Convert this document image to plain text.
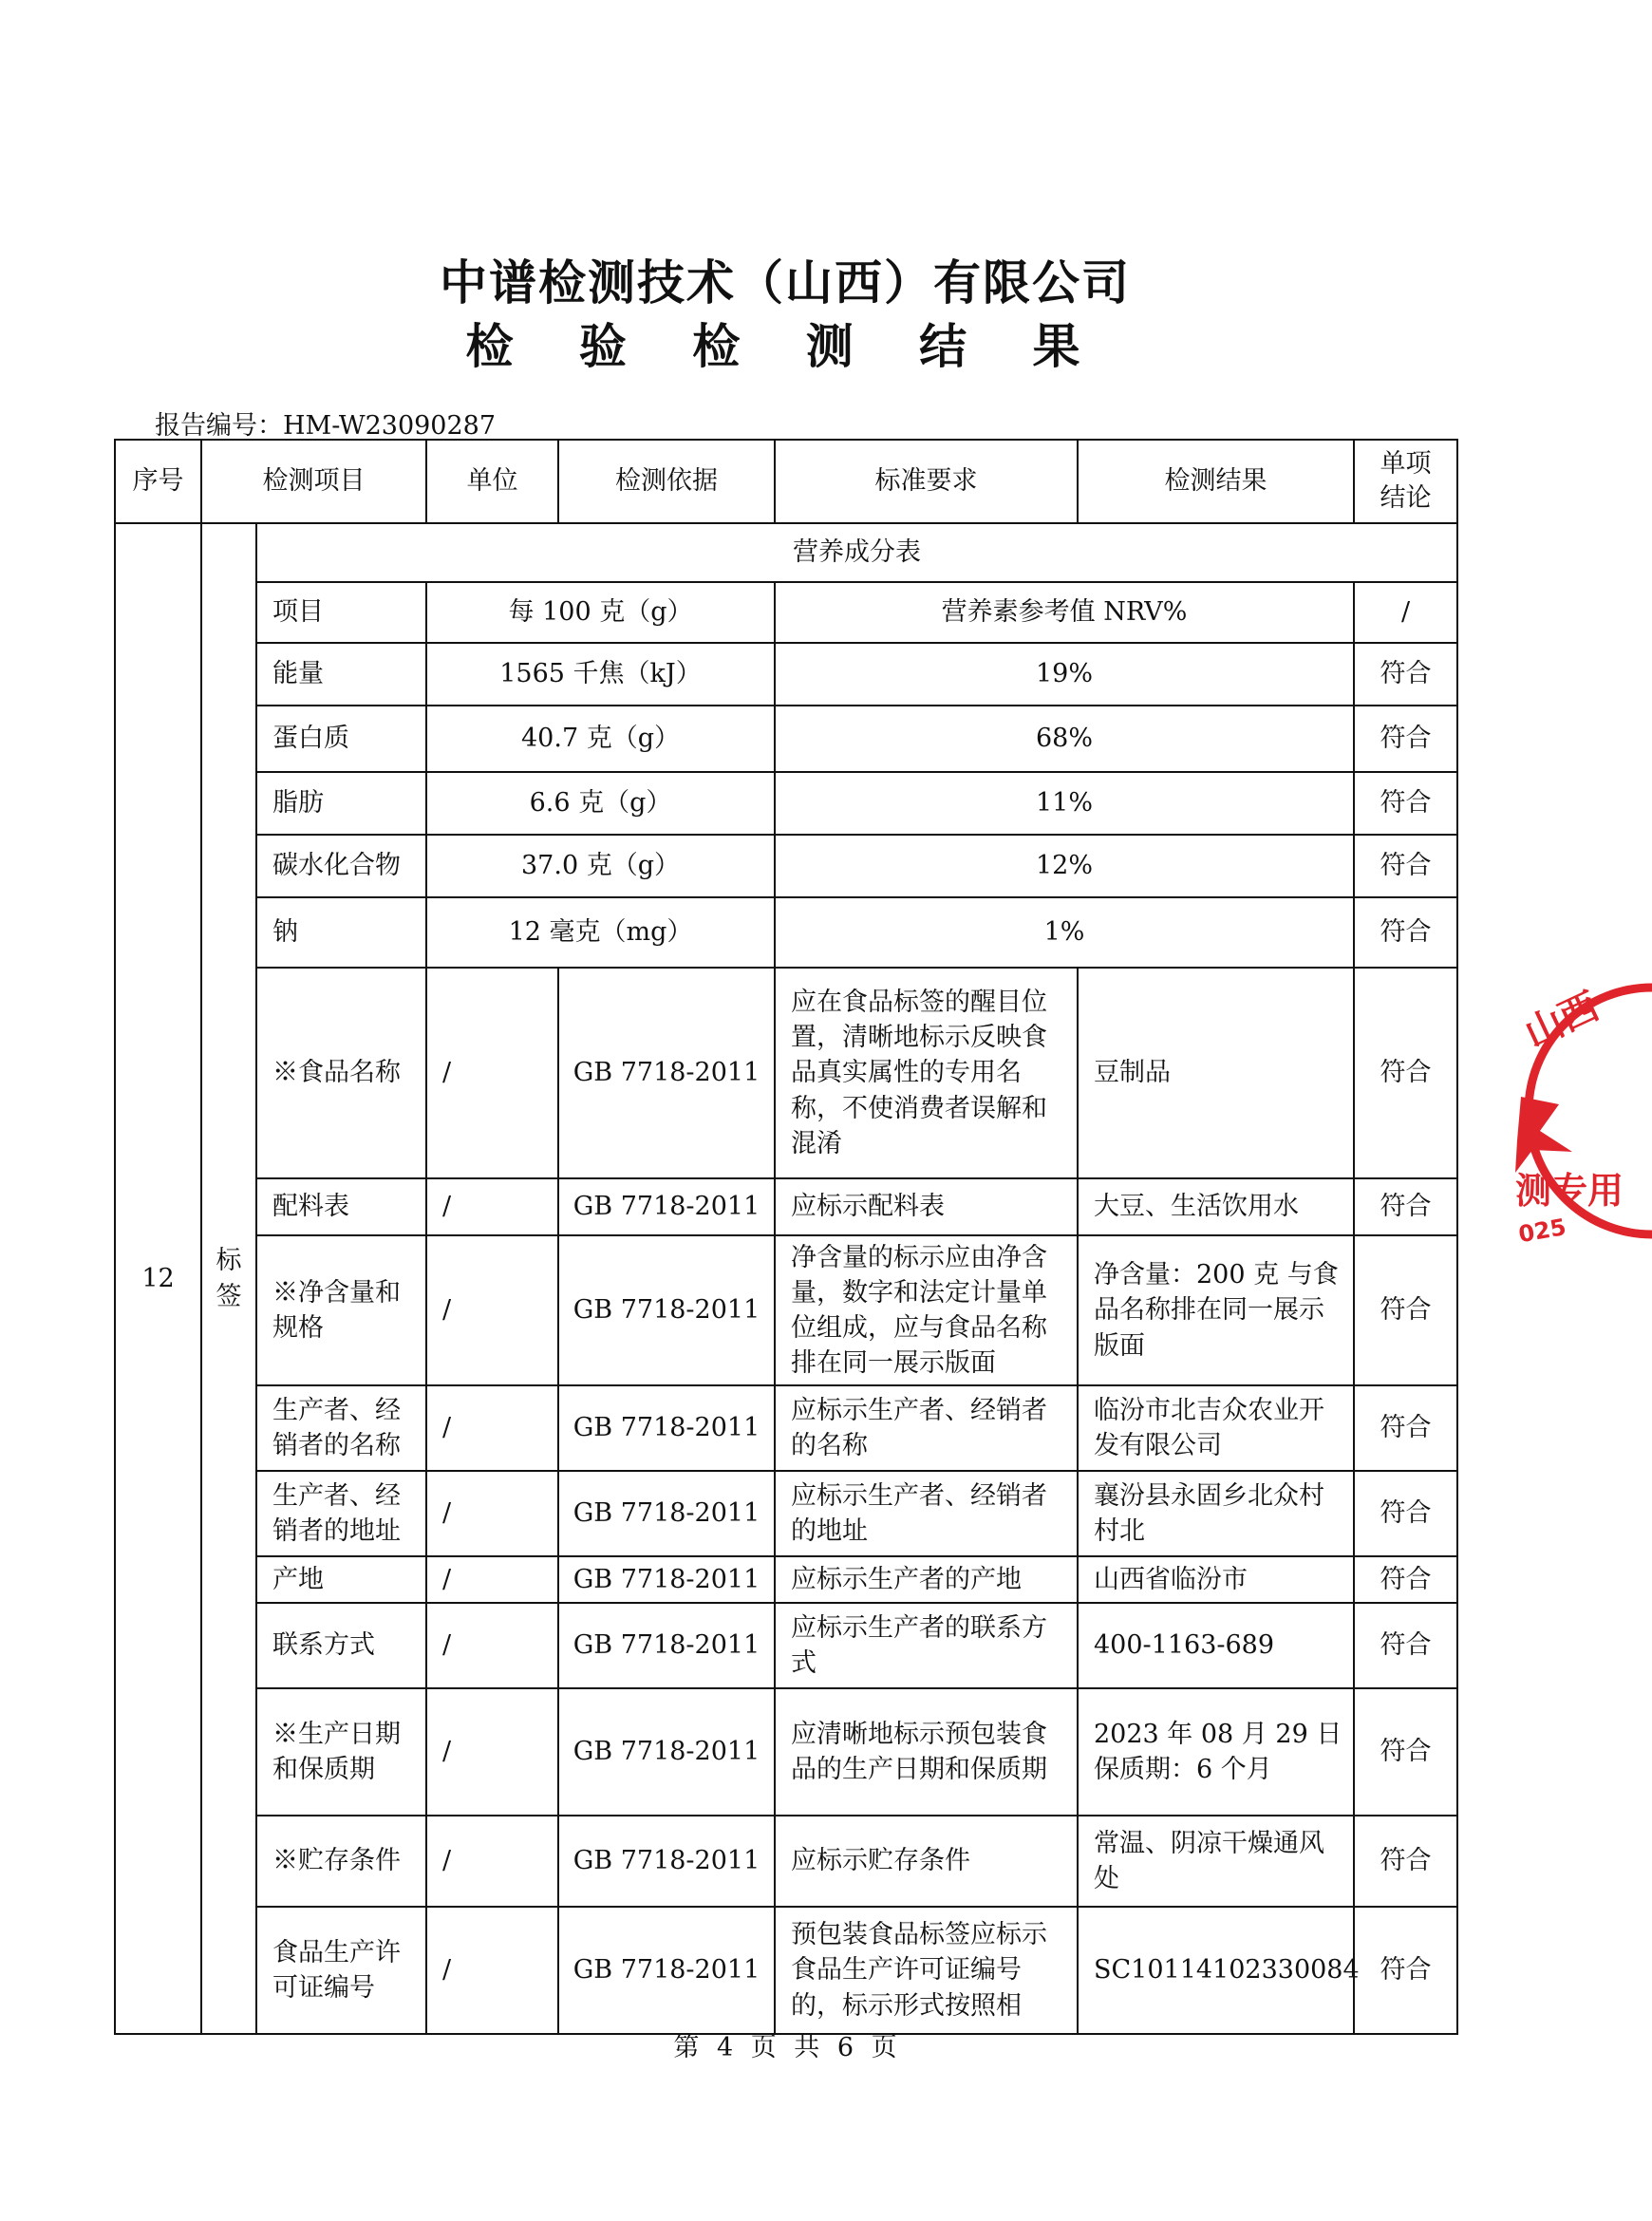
中谱检测技术（山西）有限公司
检 验 检 测 结 果
报告编号：HM-W23090287
序号	检测项目		单位	检测依据	标准要求	检测结果	单项结论

12	标签	营养成分表					
		项目	每 100 克（g）		营养素参考值 NRV%		/
		能量	1565 千焦（kJ）		19%		符合
		蛋白质	40.7 克（g）		68%		符合
		脂肪	6.6 克（g）		11%		符合
		碳水化合物	37.0 克（g）		12%		符合
		钠	12 毫克（mg）		1%		符合
		※食品名称	/	GB 7718-2011	应在食品标签的醒目位置，清晰地标示反映食品真实属性的专用名称，不使消费者误解和混淆	豆制品	符合
		配料表	/	GB 7718-2011	应标示配料表	大豆、生活饮用水	符合
		※净含量和规格	/	GB 7718-2011	净含量的标示应由净含量，数字和法定计量单位组成，应与食品名称排在同一展示版面	净含量：200 克 与食品名称排在同一展示版面	符合
		生产者、经销者的名称	/	GB 7718-2011	应标示生产者、经销者的名称	临汾市北吉众农业开发有限公司	符合
		生产者、经销者的地址	/	GB 7718-2011	应标示生产者、经销者的地址	襄汾县永固乡北众村村北	符合
		产地	/	GB 7718-2011	应标示生产者的产地	山西省临汾市	符合
		联系方式	/	GB 7718-2011	应标示生产者的联系方式	400-1163-689	符合
		※生产日期和保质期	/	GB 7718-2011	应清晰地标示预包装食品的生产日期和保质期	2023 年 08 月 29 日 保质期：6 个月	符合
		※贮存条件	/	GB 7718-2011	应标示贮存条件	常温、阴凉干燥通风处	符合
		食品生产许可证编号	/	GB 7718-2011	预包装食品标签应标示食品生产许可证编号的，标示形式按照相	SC10114102330084	符合
第 4 页 共 6 页
山西
测专用
025
